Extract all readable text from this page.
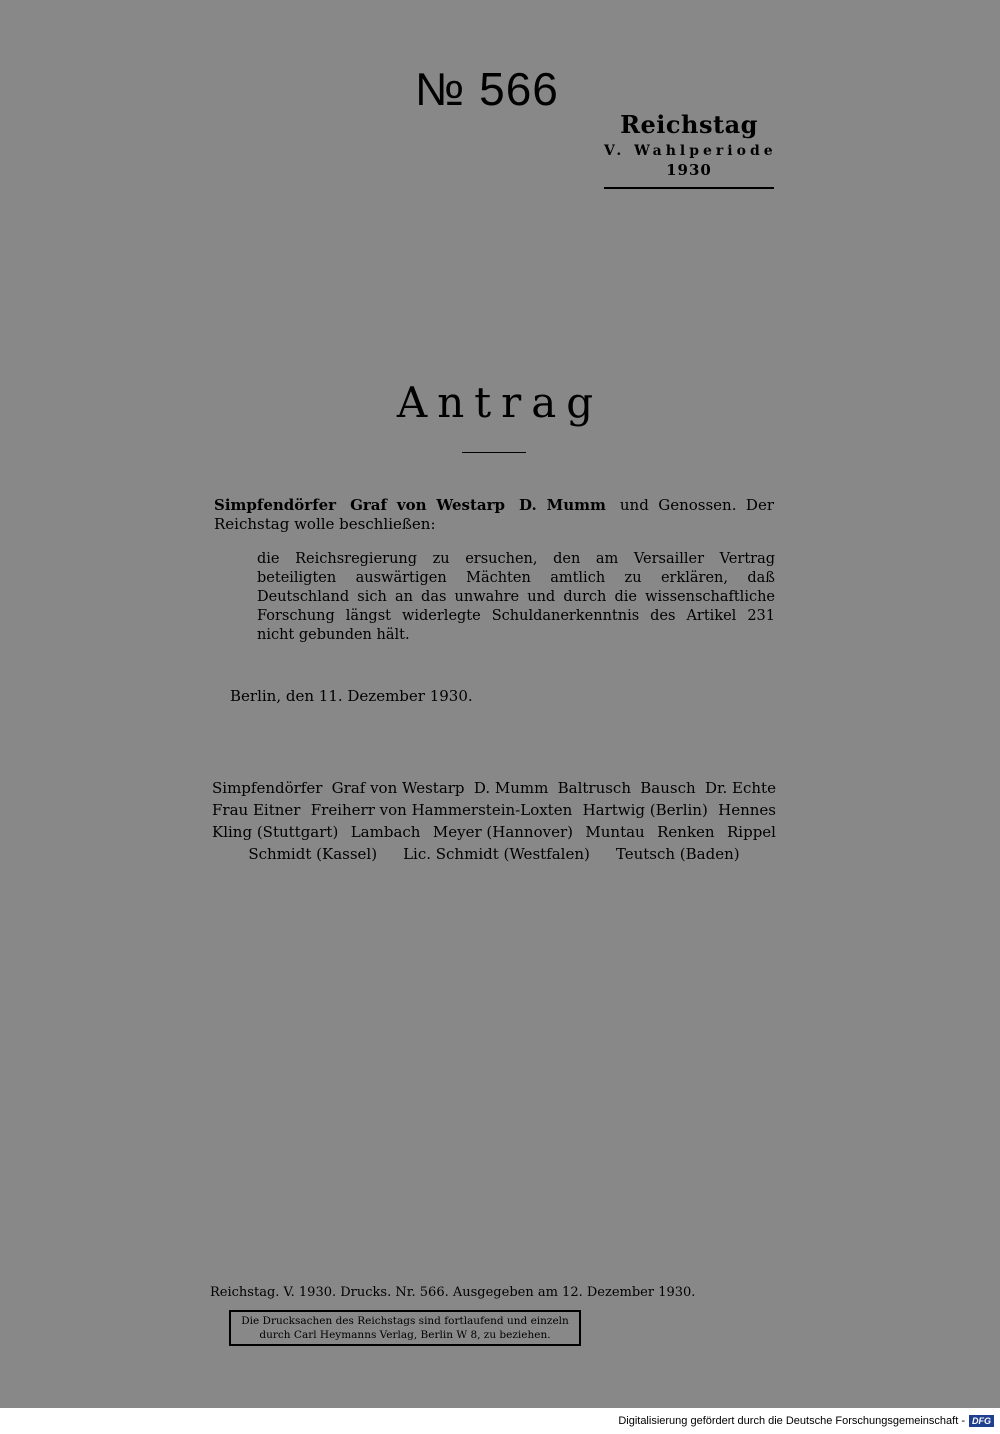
№ 566
Reichstag
V. Wahlperiode
1930
Antrag
Simpfendörfer Graf von Westarp D. Mumm und Genossen. Der Reichstag wolle beschließen:
die Reichsregierung zu ersuchen, den am Versailler Vertrag beteiligten auswärtigen Mächten amtlich zu erklären, daß Deutschland sich an das unwahre und durch die wissenschaftliche Forschung längst widerlegte Schuldanerkenntnis des Artikel 231 nicht gebunden hält.
Berlin, den 11. Dezember 1930.
Simpfendörfer Graf von Westarp D. Mumm Baltrusch Bausch Dr. Echte
Frau Eitner Freiherr von Hammerstein-Loxten Hartwig (Berlin) Hennes
Kling (Stuttgart) Lambach Meyer (Hannover) Muntau Renken Rippel
Schmidt (Kassel) Lic. Schmidt (Westfalen) Teutsch (Baden)
Reichstag. V. 1930. Drucks. Nr. 566. Ausgegeben am 12. Dezember 1930.
Die Drucksachen des Reichstags sind fortlaufend und einzeln
durch Carl Heymanns Verlag, Berlin W 8, zu beziehen.
Digitalisierung gefördert durch die Deutsche Forschungsgemeinschaft - DFG
